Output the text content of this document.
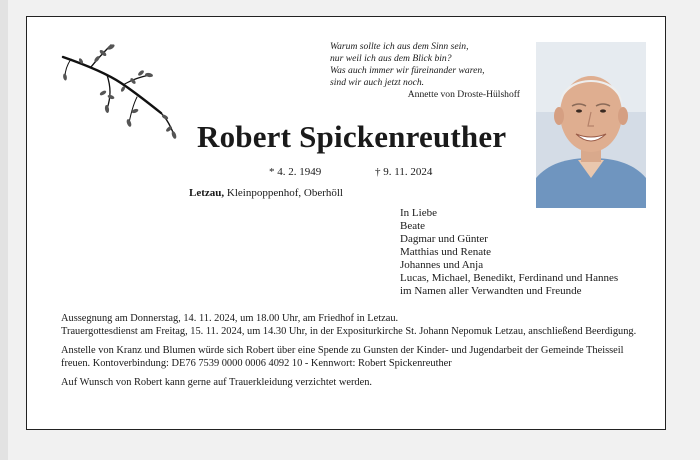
Warum sollte ich aus dem Sinn sein,
nur weil ich aus dem Blick bin?
Was auch immer wir füreinander waren,
sind wir auch jetzt noch.
Annette von Droste-Hülshoff
Robert Spickenreuther
* 4. 2. 1949	† 9. 11. 2024
Letzau, Kleinpoppenhof, Oberhöll
In Liebe
Beate
Dagmar und Günter
Matthias und Renate
Johannes und Anja
Lucas, Michael, Benedikt, Ferdinand und Hannes
im Namen aller Verwandten und Freunde

Aussegnung am Donnerstag, 14. 11. 2024, um 18.00 Uhr, am Friedhof in Letzau.
Trauergottesdienst am Freitag, 15. 11. 2024, um 14.30 Uhr, in der Expositurkirche St. Johann Nepomuk Letzau, anschließend Beerdigung.

Anstelle von Kranz und Blumen würde sich Robert über eine Spende zu Gunsten der Kinder- und Jugendarbeit der Gemeinde Theisseil freuen. Kontoverbindung: DE76 7539 0000 0006 4092 10 - Kennwort: Robert Spickenreuther

Auf Wunsch von Robert kann gerne auf Trauerkleidung verzichtet werden.
